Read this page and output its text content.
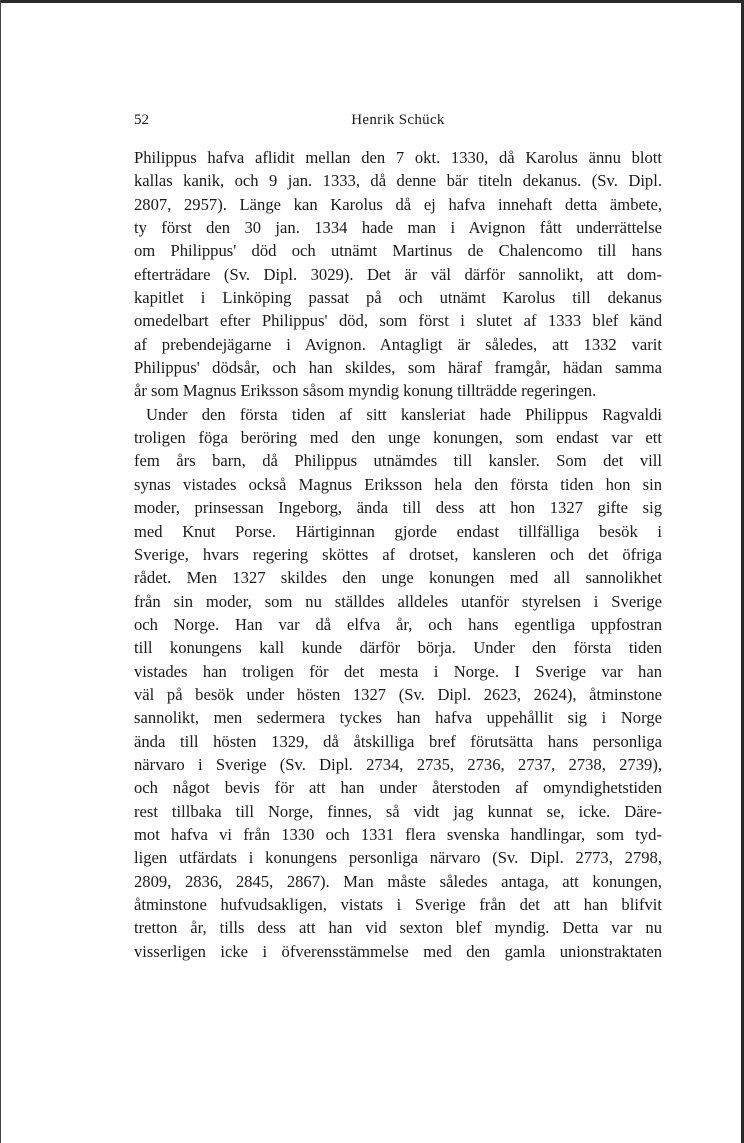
52	Henrik Schück
Philippus hafva aflidit mellan den 7 okt. 1330, då Karolus ännu blott
kallas kanik, och 9 jan. 1333, då denne bär titeln dekanus. (Sv. Dipl.
2807, 2957). Länge kan Karolus då ej hafva innehaft detta ämbete,
ty först den 30 jan. 1334 hade man i Avignon fått underrättelse
om Philippus' död och utnämt Martinus de Chalencomo till hans
efterträdare (Sv. Dipl. 3029). Det är väl därför sannolikt, att dom-
kapitlet i Linköping passat på och utnämt Karolus till dekanus
omedelbart efter Philippus' död, som först i slutet af 1333 blef känd
af prebendejägarne i Avignon. Antagligt är således, att 1332 varit
Philippus' dödsår, och han skildes, som häraf framgår, hädan samma
år som Magnus Eriksson såsom myndig konung tillträdde regeringen.
Under den första tiden af sitt kansleriat hade Philippus Ragvaldi
troligen föga beröring med den unge konungen, som endast var ett
fem års barn, då Philippus utnämdes till kansler. Som det vill
synas vistades också Magnus Eriksson hela den första tiden hon sin
moder, prinsessan Ingeborg, ända till dess att hon 1327 gifte sig
med Knut Porse. Härtiginnan gjorde endast tillfälliga besök i
Sverige, hvars regering sköttes af drotset, kansleren och det öfriga
rådet. Men 1327 skildes den unge konungen med all sannolikhet
från sin moder, som nu ställdes alldeles utanför styrelsen i Sverige
och Norge. Han var då elfva år, och hans egentliga uppfostran
till konungens kall kunde därför börja. Under den första tiden
vistades han troligen för det mesta i Norge. I Sverige var han
väl på besök under hösten 1327 (Sv. Dipl. 2623, 2624), åtminstone
sannolikt, men sedermera tyckes han hafva uppehållit sig i Norge
ända till hösten 1329, då åtskilliga bref förutsätta hans personliga
närvaro i Sverige (Sv. Dipl. 2734, 2735, 2736, 2737, 2738, 2739),
och något bevis för att han under återstoden af omyndighetstiden
rest tillbaka till Norge, finnes, så vidt jag kunnat se, icke. Däre-
mot hafva vi från 1330 och 1331 flera svenska handlingar, som tyd-
ligen utfärdats i konungens personliga närvaro (Sv. Dipl. 2773, 2798,
2809, 2836, 2845, 2867). Man måste således antaga, att konungen,
åtminstone hufvudsakligen, vistats i Sverige från det att han blifvit
tretton år, tills dess att han vid sexton blef myndig. Detta var nu
visserligen icke i öfverensstämmelse med den gamla unionstraktaten
